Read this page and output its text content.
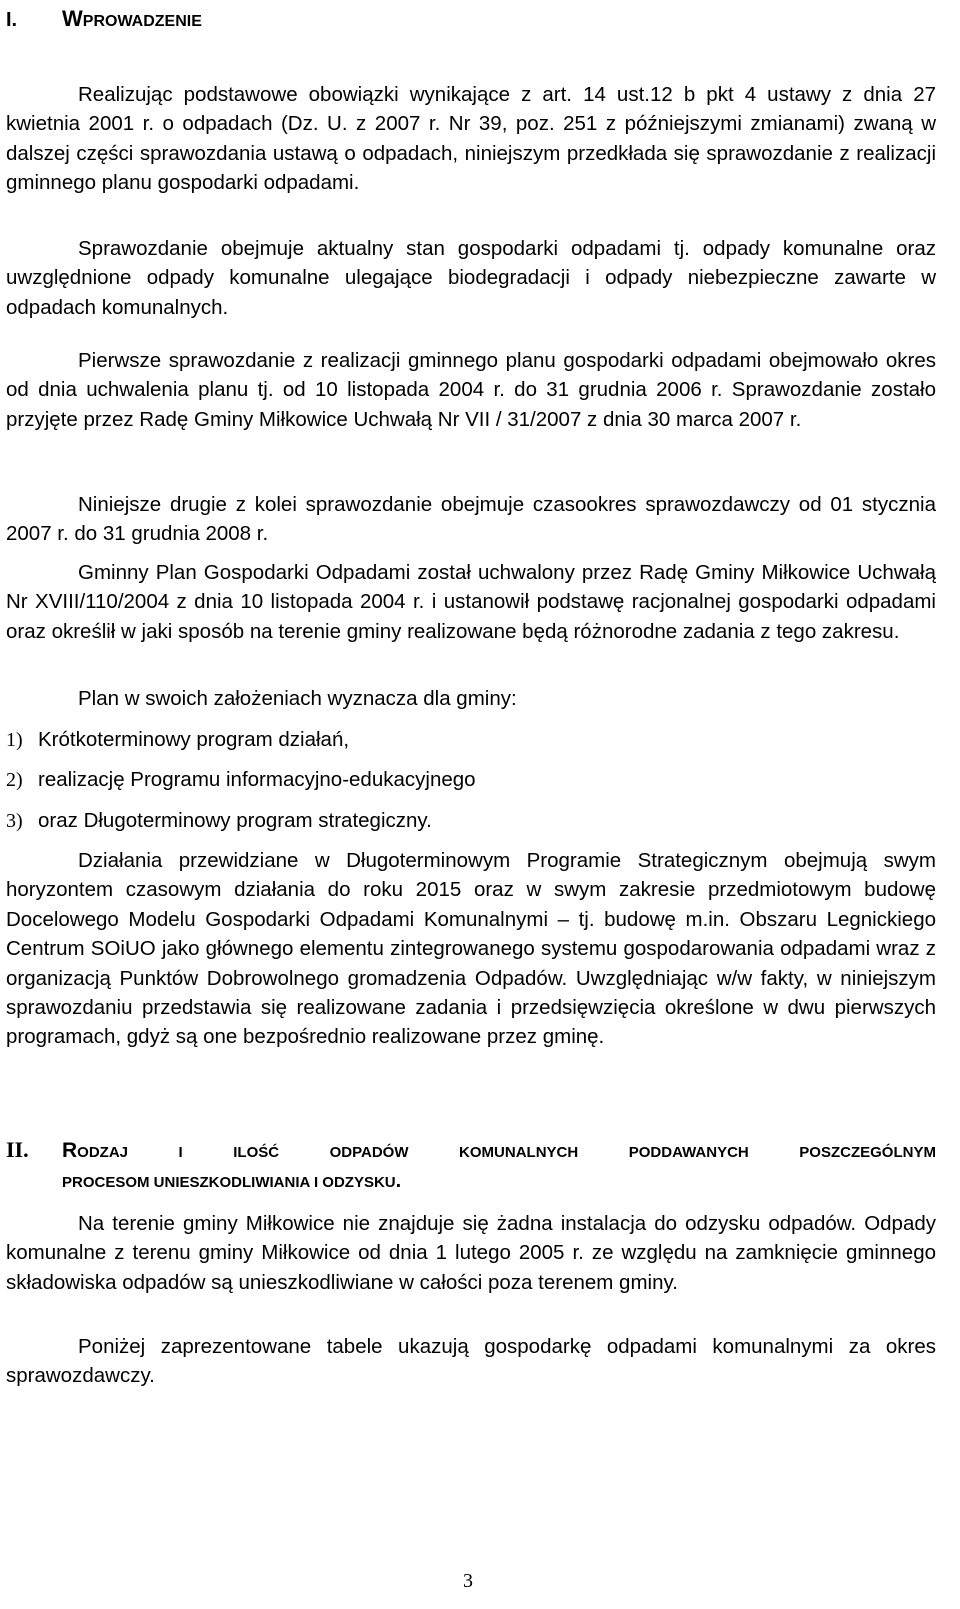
I. WPROWADZENIE

Realizując podstawowe obowiązki wynikające z art. 14 ust.12 b pkt 4 ustawy z dnia 27 kwietnia 2001 r. o odpadach (Dz. U. z 2007 r. Nr 39, poz. 251 z późniejszymi zmianami) zwaną w dalszej części sprawozdania ustawą o odpadach, niniejszym przedkłada się sprawozdanie z realizacji gminnego planu gospodarki odpadami.

Sprawozdanie obejmuje aktualny stan gospodarki odpadami tj. odpady komunalne oraz uwzględnione odpady komunalne ulegające biodegradacji i odpady niebezpieczne zawarte w odpadach komunalnych.

Pierwsze sprawozdanie z realizacji gminnego planu gospodarki odpadami obejmowało okres od dnia uchwalenia planu tj. od 10 listopada 2004 r. do 31 grudnia 2006 r. Sprawozdanie zostało przyjęte przez Radę Gminy Miłkowice Uchwałą Nr VII / 31/2007 z dnia 30 marca 2007 r.

Niniejsze drugie z kolei sprawozdanie obejmuje czasookres sprawozdawczy od 01 stycznia 2007 r. do 31 grudnia 2008 r.

Gminny Plan Gospodarki Odpadami został uchwalony przez Radę Gminy Miłkowice Uchwałą Nr XVIII/110/2004 z dnia 10 listopada 2004 r. i ustanowił podstawę racjonalnej gospodarki odpadami oraz określił w jaki sposób na terenie gminy realizowane będą różnorodne zadania z tego zakresu.

Plan w swoich założeniach wyznacza dla gminy:

1) Krótkoterminowy program działań,
2) realizację Programu informacyjno-edukacyjnego
3) oraz Długoterminowy program strategiczny.

Działania przewidziane w Długoterminowym Programie Strategicznym obejmują swym horyzontem czasowym działania do roku 2015 oraz w swym zakresie przedmiotowym budowę Docelowego Modelu Gospodarki Odpadami Komunalnymi – tj. budowę m.in. Obszaru Legnickiego Centrum SOiUO jako głównego elementu zintegrowanego systemu gospodarowania odpadami wraz z organizacją Punktów Dobrowolnego gromadzenia Odpadów. Uwzględniając w/w fakty, w niniejszym sprawozdaniu przedstawia się realizowane zadania i przedsięwzięcia określone w dwu pierwszych programach, gdyż są one bezpośrednio realizowane przez gminę.

II.	R ODZAJ	I	ILOŚĆ	ODPADÓW	KOMUNALNYCH	PODDAWANYCH	POSZCZEGÓLNYM
PROCESOM UNIESZKODLIWIANIA I ODZYSKU.

Na terenie gminy Miłkowice nie znajduje się żadna instalacja do odzysku odpadów. Odpady komunalne z terenu gminy Miłkowice od dnia 1 lutego 2005 r. ze względu na zamknięcie gminnego składowiska odpadów są unieszkodliwiane w całości poza terenem gminy.

Poniżej zaprezentowane tabele ukazują gospodarkę odpadami komunalnymi za okres sprawozdawczy.

3
